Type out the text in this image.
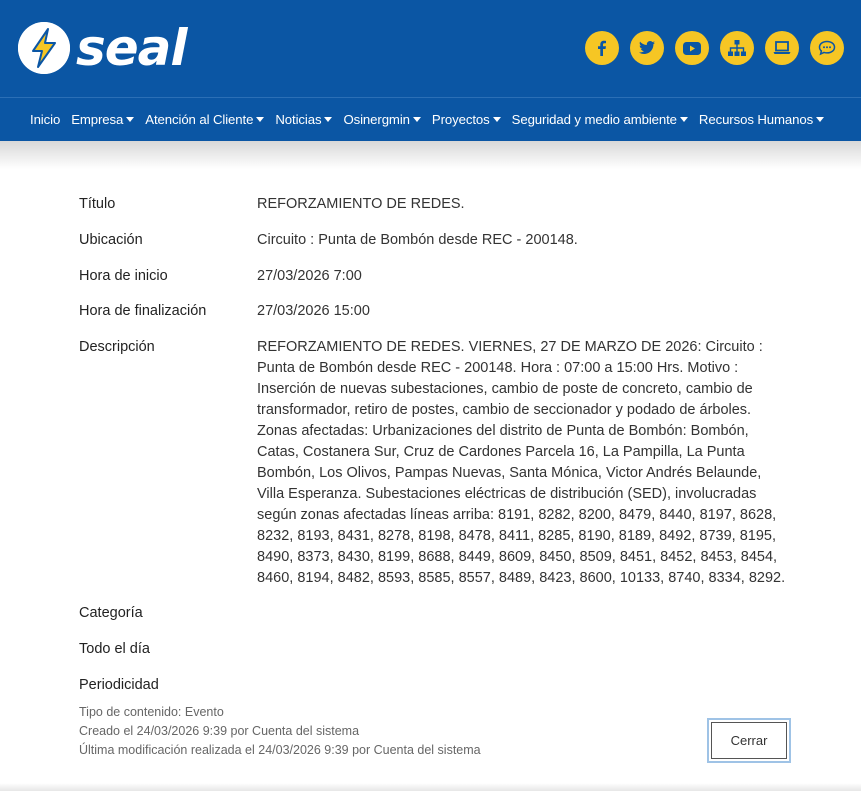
seal
Inicio Empresa Atención al Cliente Noticias Osinergmin Proyectos Seguridad y medio ambiente Recursos Humanos
Título	REFORZAMIENTO DE REDES.
Ubicación	Circuito : Punta de Bombón desde REC - 200148.
Hora de inicio	27/03/2026 7:00
Hora de finalización	27/03/2026 15:00
Descripción	REFORZAMIENTO DE REDES. VIERNES, 27 DE MARZO DE 2026: Circuito : Punta de Bombón desde REC - 200148. Hora : 07:00 a 15:00 Hrs. Motivo : Inserción de nuevas subestaciones, cambio de poste de concreto, cambio de transformador, retiro de postes, cambio de seccionador y podado de árboles. Zonas afectadas: Urbanizaciones del distrito de Punta de Bombón: Bombón, Catas, Costanera Sur, Cruz de Cardones Parcela 16, La Pampilla, La Punta Bombón, Los Olivos, Pampas Nuevas, Santa Mónica, Victor Andrés Belaunde, Villa Esperanza. Subestaciones eléctricas de distribución (SED), involucradas según zonas afectadas líneas arriba: 8191, 8282, 8200, 8479, 8440, 8197, 8628, 8232, 8193, 8431, 8278, 8198, 8478, 8411, 8285, 8190, 8189, 8492, 8739, 8195, 8490, 8373, 8430, 8199, 8688, 8449, 8609, 8450, 8509, 8451, 8452, 8453, 8454, 8460, 8194, 8482, 8593, 8585, 8557, 8489, 8423, 8600, 10133, 8740, 8334, 8292.
Categoría
Todo el día
Periodicidad
Tipo de contenido: Evento
Creado el 24/03/2026 9:39 por Cuenta del sistema
Última modificación realizada el 24/03/2026 9:39 por Cuenta del sistema
Cerrar
